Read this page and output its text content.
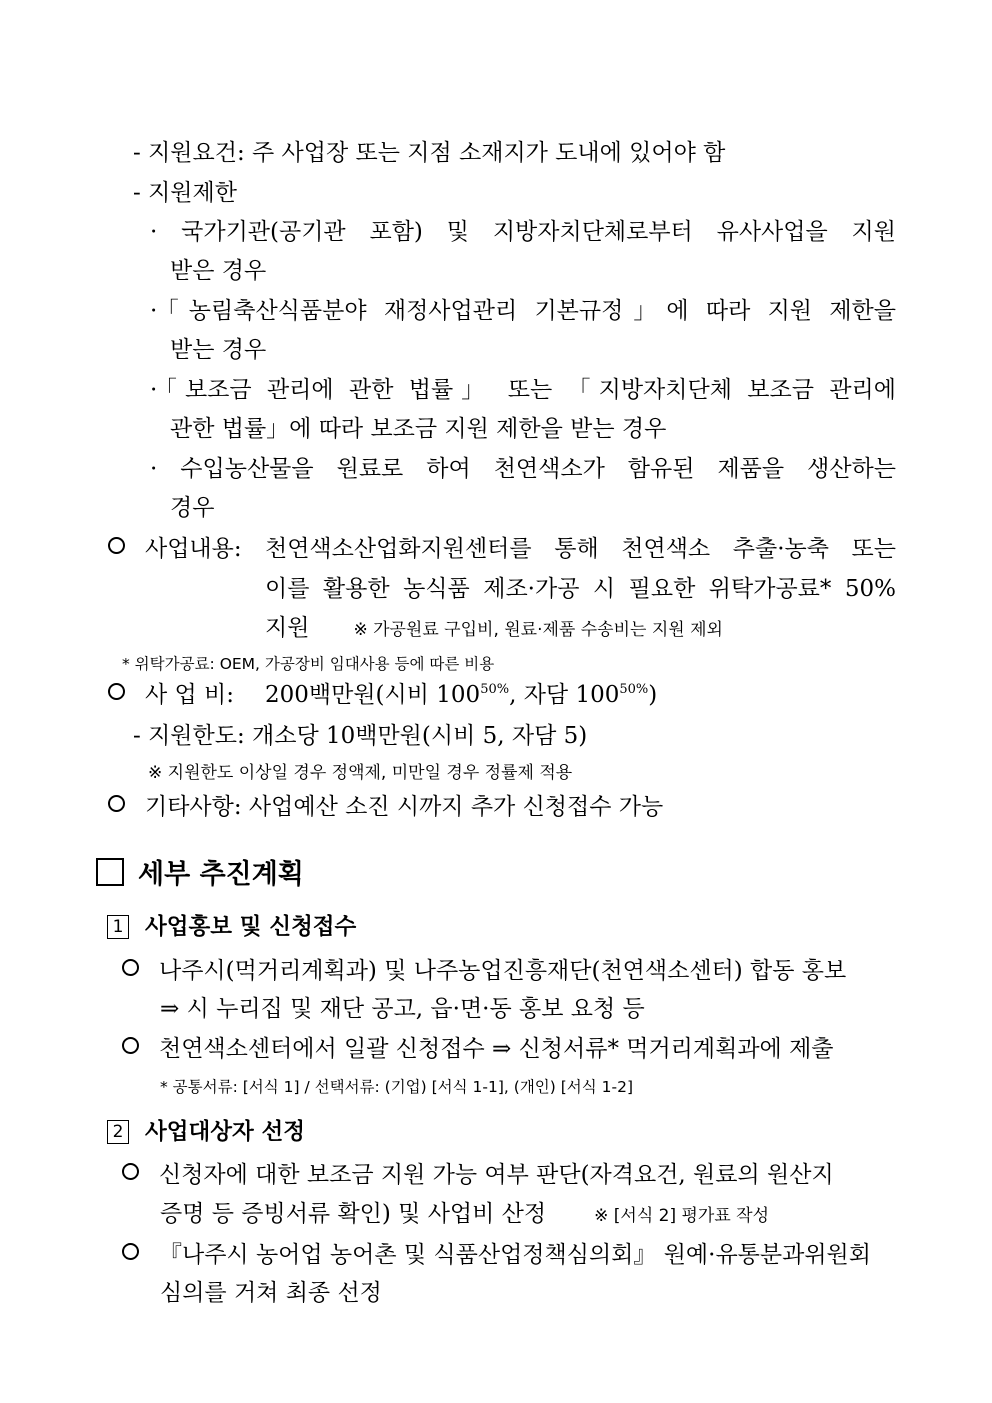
- 지원요건: 주 사업장 또는 지점 소재지가 도내에 있어야 함
- 지원제한
· 국가기관(공기관 포함) 및 지방자치단체로부터 유사사업을 지원
받은 경우
·「농림축산식품분야 재정사업관리 기본규정」에 따라 지원 제한을
받는 경우
·「보조금 관리에 관한 법률」 또는 「지방자치단체 보조금 관리에
관한 법률」에 따라 보조금 지원 제한을 받는 경우
· 수입농산물을 원료로 하여 천연색소가 함유된 제품을 생산하는
경우
사업내용: 천연색소산업화지원센터를 통해 천연색소 추출·농축 또는
이를 활용한 농식품 제조·가공 시 필요한 위탁가공료* 50%
지원	※ 가공원료 구입비, 원료·제품 수송비는 지원 제외
* 위탁가공료: OEM, 가공장비 임대사용 등에 따른 비용
사 업 비: 200백만원(시비 $100^{50\%}$, 자담 $100^{50\%}$)
- 지원한도: 개소당 10백만원(시비 5, 자담 5)
※ 지원한도 이상일 경우 정액제, 미만일 경우 정률제 적용
기타사항: 사업예산 소진 시까지 추가 신청접수 가능
세부 추진계획
1 사업홍보 및 신청접수
나주시(먹거리계획과) 및 나주농업진흥재단(천연색소센터) 합동 홍보
⇒ 시 누리집 및 재단 공고, 읍·면·동 홍보 요청 등
천연색소센터에서 일괄 신청접수 ⇒ 신청서류* 먹거리계획과에 제출
* 공통서류: [서식 1] / 선택서류: (기업) [서식 1-1], (개인) [서식 1-2]
2 사업대상자 선정
신청자에 대한 보조금 지원 가능 여부 판단(자격요건, 원료의 원산지
증명 등 증빙서류 확인) 및 사업비 산정	※ [서식 2] 평가표 작성
『나주시 농어업 농어촌 및 식품산업정책심의회』 원예·유통분과위원회
심의를 거쳐 최종 선정
